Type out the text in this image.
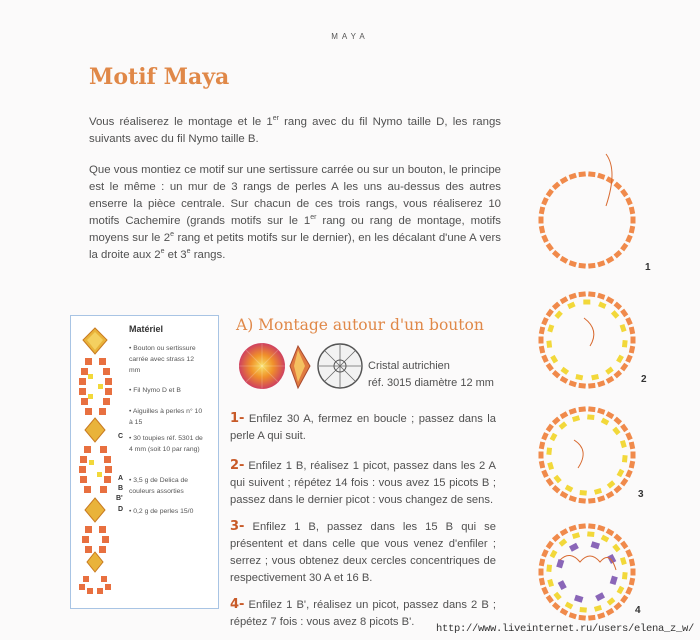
MAYA
Motif Maya
Vous réaliserez le montage et le 1er rang avec du fil Nymo taille D, les rangs suivants avec du fil Nymo taille B.
Que vous montiez ce motif sur une sertissure carrée ou sur un bouton, le principe est le même : un mur de 3 rangs de perles A les uns au-dessus des autres enserre la pièce centrale. Sur chacun de ces trois rangs, vous réaliserez 10 motifs Cachemire (grands motifs sur le 1er rang ou rang de montage, motifs moyens sur le 2e rang et petits motifs sur le dernier), en les décalant d'une A vers la droite aux 2e et 3e rangs.
Matériel
• Bouton ou sertissure carrée avec strass 12 mm
• Fil Nymo D et B
• Aiguilles à perles n° 10 à 15
C • 30 toupies réf. 5301 de 4 mm (soit 10 par rang)
A
B
B'
• 3,5 g de Delica de couleurs assorties
D • 0,2 g de perles 15/0
A) Montage autour d'un bouton
Cristal autrichien
réf. 3015 diamètre 12 mm
1- Enfilez 30 A, fermez en boucle ; passez dans la perle A qui suit.
2- Enfilez 1 B, réalisez 1 picot, passez dans les 2 A qui suivent ; répétez 14 fois : vous avez 15 picots B ; passez dans le dernier picot : vous changez de sens.
3- Enfilez 1 B, passez dans les 15 B qui se présentent et dans celle que vous venez d'enfiler ; serrez ; vous obtenez deux cercles concentriques de respectivement 30 A et 16 B.
4- Enfilez 1 B', réalisez un picot, passez dans 2 B ; répétez 7 fois : vous avez 8 picots B'.
1
2
3
4
http://www.liveinternet.ru/users/elena_z_w/
